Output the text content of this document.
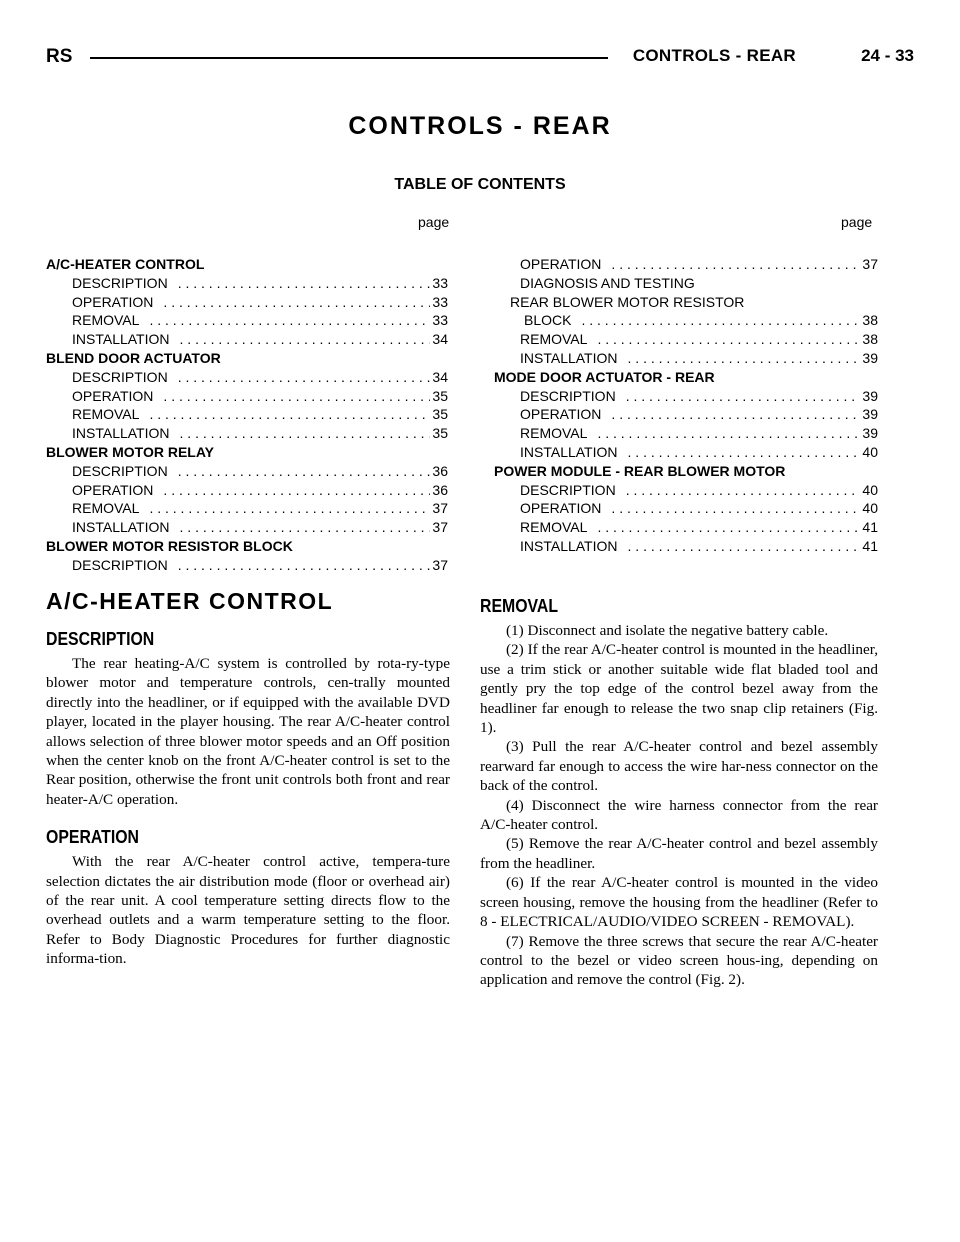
RS	CONTROLS - REAR	24 - 33
CONTROLS - REAR
TABLE OF CONTENTS
page	page
A/C-HEATER CONTROL
DESCRIPTION . . .	33
OPERATION . . .	33
REMOVAL . . .	33
INSTALLATION . . .	34
BLEND DOOR ACTUATOR
DESCRIPTION . . .	34
OPERATION . . .	35
REMOVAL . . .	35
INSTALLATION . . .	35
BLOWER MOTOR RELAY
DESCRIPTION . . .	36
OPERATION . . .	36
REMOVAL . . .	37
INSTALLATION . . .	37
BLOWER MOTOR RESISTOR BLOCK
DESCRIPTION . . .	37
OPERATION . . .	37
DIAGNOSIS AND TESTING
REAR BLOWER MOTOR RESISTOR
BLOCK . . .	38
REMOVAL . . .	38
INSTALLATION . . .	39
MODE DOOR ACTUATOR - REAR
DESCRIPTION . . .	39
OPERATION . . .	39
REMOVAL . . .	39
INSTALLATION . . .	40
POWER MODULE - REAR BLOWER MOTOR
DESCRIPTION . . .	40
OPERATION . . .	40
REMOVAL . . .	41
INSTALLATION . . .	41
A/C-HEATER CONTROL
DESCRIPTION

The rear heating-A/C system is controlled by rota-ry-type blower motor and temperature controls, cen-trally mounted directly into the headliner, or if equipped with the available DVD player, located in the player housing. The rear A/C-heater control allows selection of three blower motor speeds and an Off position when the center knob on the front A/C-heater control is set to the Rear position, otherwise the front unit controls both front and rear heater-A/C operation.

OPERATION

With the rear A/C-heater control active, tempera-ture selection dictates the air distribution mode (floor or overhead air) of the rear unit. A cool temperature setting directs flow to the overhead outlets and a warm temperature setting to the floor. Refer to Body Diagnostic Procedures for further diagnostic informa-tion.

REMOVAL

(1) Disconnect and isolate the negative battery cable.

(2) If the rear A/C-heater control is mounted in the headliner, use a trim stick or another suitable wide flat bladed tool and gently pry the top edge of the control bezel away from the headliner far enough to release the two snap clip retainers (Fig. 1).

(3) Pull the rear A/C-heater control and bezel assembly rearward far enough to access the wire har-ness connector on the back of the control.

(4) Disconnect the wire harness connector from the rear A/C-heater control.

(5) Remove the rear A/C-heater control and bezel assembly from the headliner.

(6) If the rear A/C-heater control is mounted in the video screen housing, remove the housing from the headliner (Refer to 8 - ELECTRICAL/AUDIO/VIDEO SCREEN - REMOVAL).

(7) Remove the three screws that secure the rear A/C-heater control to the bezel or video screen hous-ing, depending on application and remove the control (Fig. 2).
